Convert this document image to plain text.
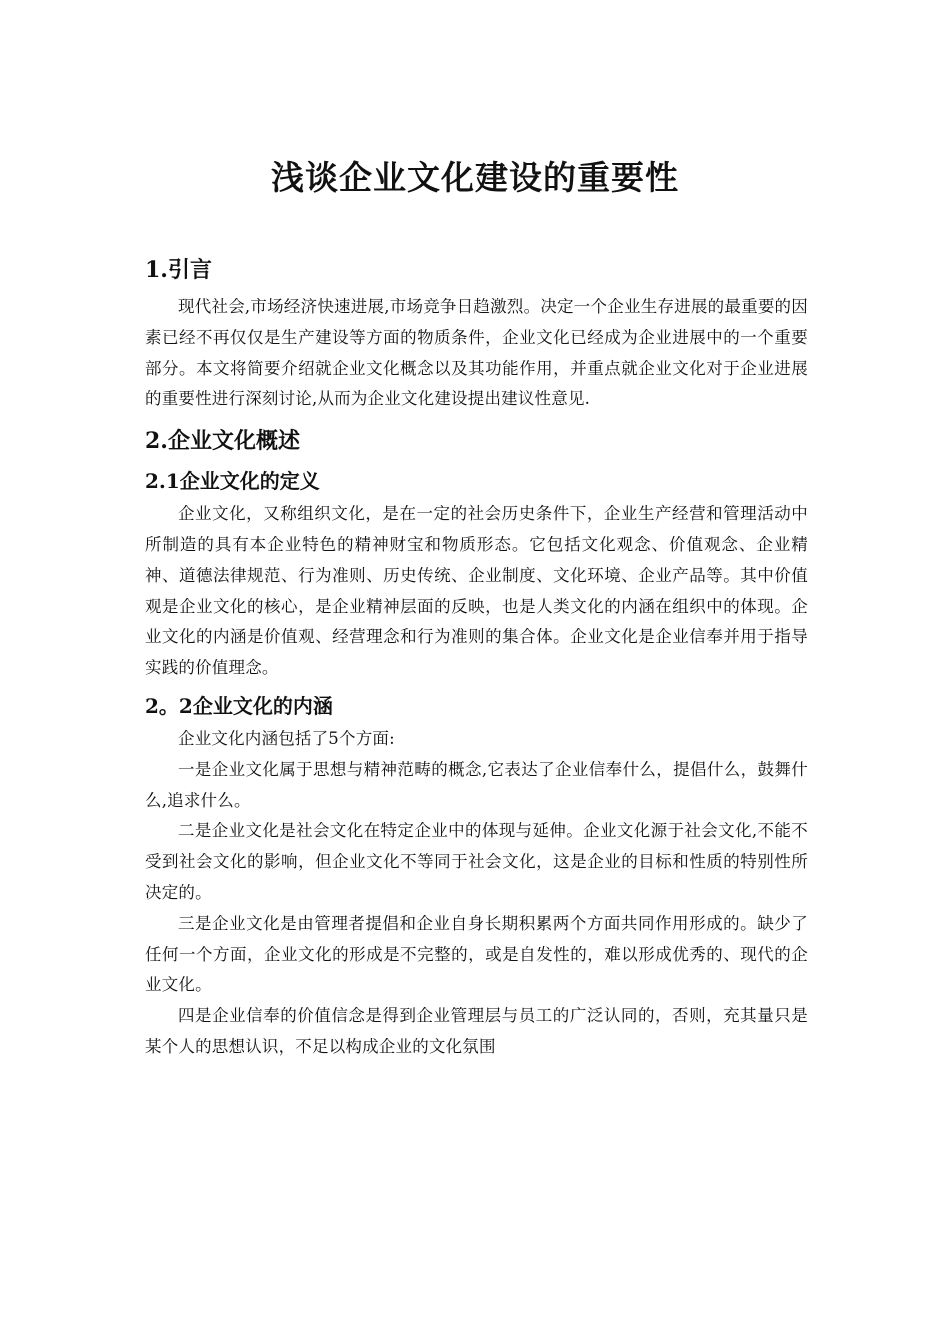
浅谈企业文化建设的重要性
1.引言

现代社会,市场经济快速进展,市场竞争日趋激烈。决定一个企业生存进展的最重要的因素已经不再仅仅是生产建设等方面的物质条件，企业文化已经成为企业进展中的一个重要部分。本文将简要介绍就企业文化概念以及其功能作用，并重点就企业文化对于企业进展的重要性进行深刻讨论,从而为企业文化建设提出建议性意见.

2.企业文化概述
2.1企业文化的定义

企业文化，又称组织文化，是在一定的社会历史条件下，企业生产经营和管理活动中所制造的具有本企业特色的精神财宝和物质形态。它包括文化观念、价值观念、企业精神、道德法律规范、行为准则、历史传统、企业制度、文化环境、企业产品等。其中价值观是企业文化的核心，是企业精神层面的反映，也是人类文化的内涵在组织中的体现。企业文化的内涵是价值观、经营理念和行为准则的集合体。企业文化是企业信奉并用于指导实践的价值理念。

2。2企业文化的内涵

企业文化内涵包括了5个方面:

一是企业文化属于思想与精神范畴的概念,它表达了企业信奉什么，提倡什么，鼓舞什么,追求什么。

二是企业文化是社会文化在特定企业中的体现与延伸。企业文化源于社会文化,不能不受到社会文化的影响，但企业文化不等同于社会文化，这是企业的目标和性质的特别性所决定的。

三是企业文化是由管理者提倡和企业自身长期积累两个方面共同作用形成的。缺少了任何一个方面，企业文化的形成是不完整的，或是自发性的，难以形成优秀的、现代的企业文化。

四是企业信奉的价值信念是得到企业管理层与员工的广泛认同的，否则，充其量只是某个人的思想认识，不足以构成企业的文化氛围
